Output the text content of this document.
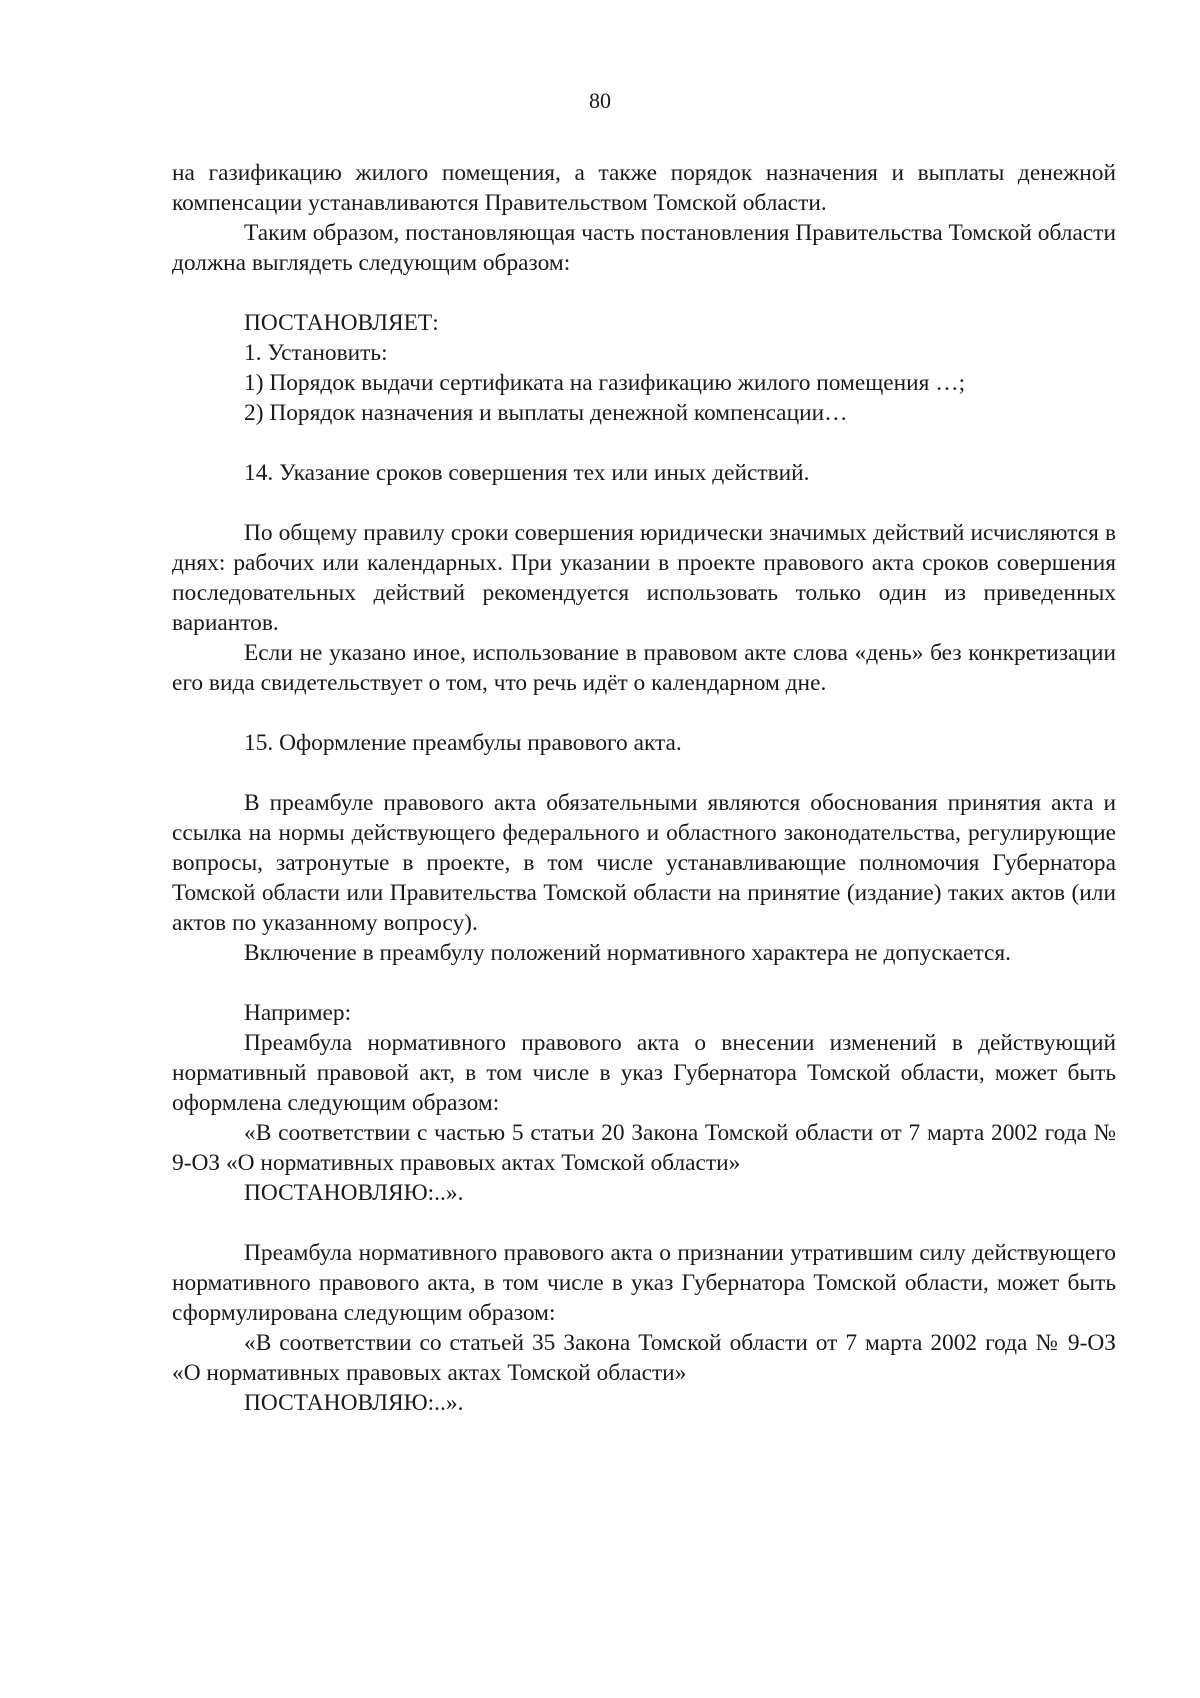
80

на газификацию жилого помещения, а также порядок назначения и выплаты денежной компенсации устанавливаются Правительством Томской области.

Таким образом, постановляющая часть постановления Правительства Томской области должна выглядеть следующим образом:

ПОСТАНОВЛЯЕТ:

1. Установить:

1) Порядок выдачи сертификата на газификацию жилого помещения …;

2) Порядок назначения и выплаты денежной компенсации…

14. Указание сроков совершения тех или иных действий.

По общему правилу сроки совершения юридически значимых действий исчисляются в днях: рабочих или календарных. При указании в проекте правового акта сроков совершения последовательных действий рекомендуется использовать только один из приведенных вариантов.

Если не указано иное, использование в правовом акте слова «день» без конкретизации его вида свидетельствует о том, что речь идёт о календарном дне.

15. Оформление преамбулы правового акта.

В преамбуле правового акта обязательными являются обоснования принятия акта и ссылка на нормы действующего федерального и областного законодательства, регулирующие вопросы, затронутые в проекте, в том числе устанавливающие полномочия Губернатора Томской области или Правительства Томской области на принятие (издание) таких актов (или актов по указанному вопросу).

Включение в преамбулу положений нормативного характера не допускается.

Например:

Преамбула нормативного правового акта о внесении изменений в действующий нормативный правовой акт, в том числе в указ Губернатора Томской области, может быть оформлена следующим образом:

«В соответствии с частью 5 статьи 20 Закона Томской области от 7 марта 2002 года № 9-ОЗ «О нормативных правовых актах Томской области»

ПОСТАНОВЛЯЮ:..».

Преамбула нормативного правового акта о признании утратившим силу действующего нормативного правового акта, в том числе в указ Губернатора Томской области, может быть сформулирована следующим образом:

«В соответствии со статьей 35 Закона Томской области от 7 марта 2002 года № 9-ОЗ «О нормативных правовых актах Томской области»

ПОСТАНОВЛЯЮ:..».
